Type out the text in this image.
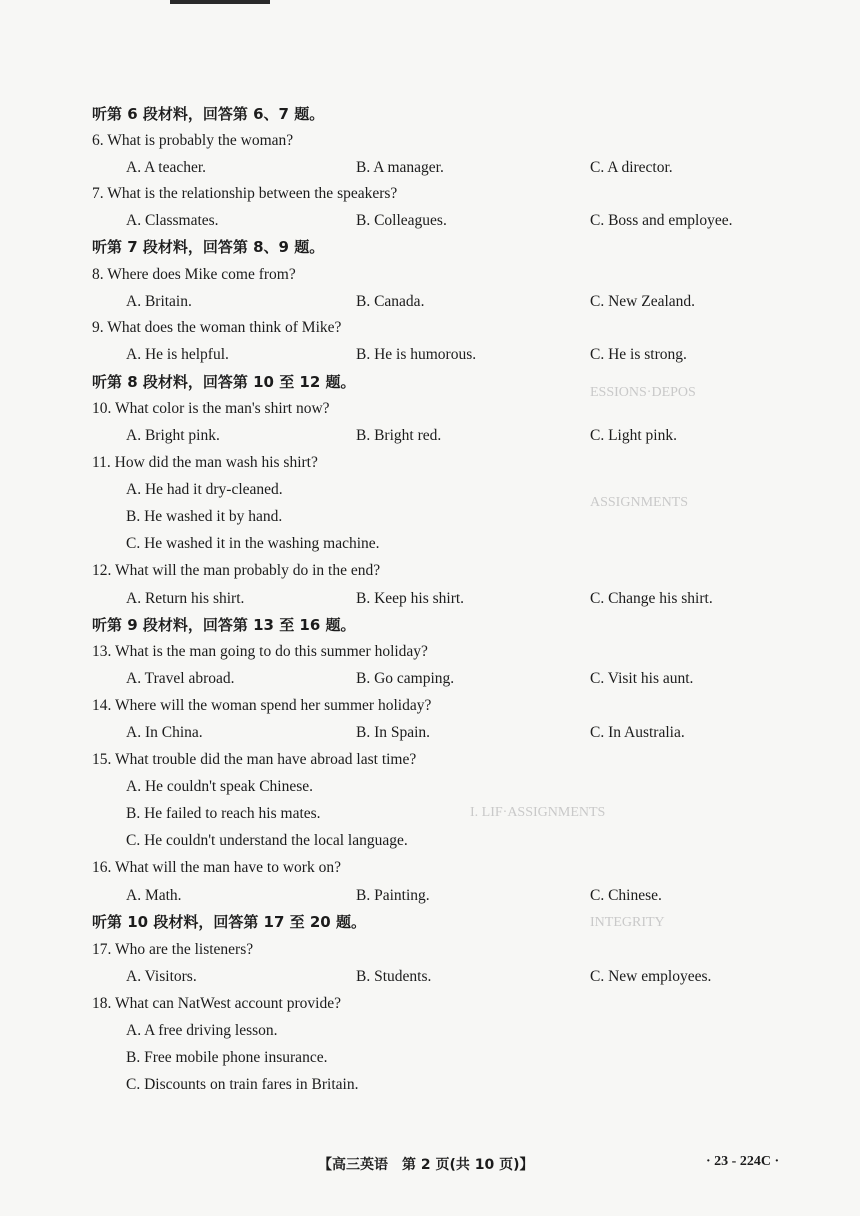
ESSIONS·DEPOS
ASSIGNMENTS
I. LIF·ASSIGNMENTS
INTEGRITY
听第 6 段材料，回答第 6、7 题。
6. What is probably the woman?
A. A teacher.	B. A manager.	C. A director.
7. What is the relationship between the speakers?
A. Classmates.	B. Colleagues.	C. Boss and employee.
听第 7 段材料，回答第 8、9 题。
8. Where does Mike come from?
A. Britain.	B. Canada.	C. New Zealand.
9. What does the woman think of Mike?
A. He is helpful.	B. He is humorous.	C. He is strong.
听第 8 段材料，回答第 10 至 12 题。
10. What color is the man's shirt now?
A. Bright pink.	B. Bright red.	C. Light pink.
11. How did the man wash his shirt?
A. He had it dry-cleaned.
B. He washed it by hand.
C. He washed it in the washing machine.
12. What will the man probably do in the end?
A. Return his shirt.	B. Keep his shirt.	C. Change his shirt.
听第 9 段材料，回答第 13 至 16 题。
13. What is the man going to do this summer holiday?
A. Travel abroad.	B. Go camping.	C. Visit his aunt.
14. Where will the woman spend her summer holiday?
A. In China.	B. In Spain.	C. In Australia.
15. What trouble did the man have abroad last time?
A. He couldn't speak Chinese.
B. He failed to reach his mates.
C. He couldn't understand the local language.
16. What will the man have to work on?
A. Math.	B. Painting.	C. Chinese.
听第 10 段材料，回答第 17 至 20 题。
17. Who are the listeners?
A. Visitors.	B. Students.	C. New employees.
18. What can NatWest account provide?
A. A free driving lesson.
B. Free mobile phone insurance.
C. Discounts on train fares in Britain.
【高三英语　第 2 页(共 10 页)】	· 23 - 224C ·
